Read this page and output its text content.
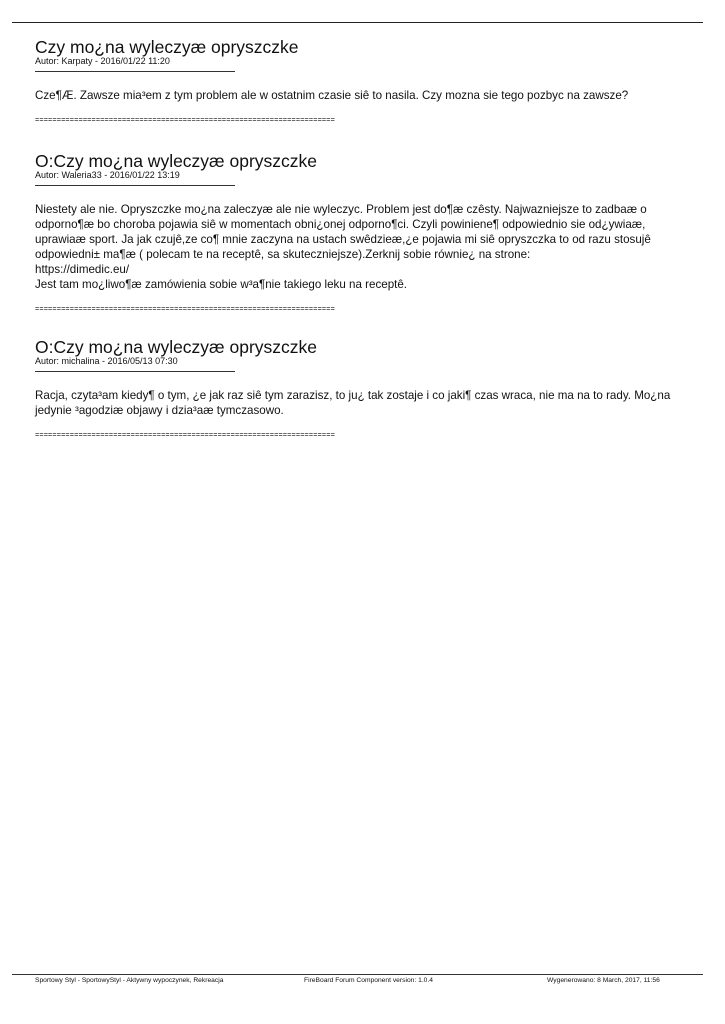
Czy mo¿na wyleczyæ opryszczke
Autor: Karpaty - 2016/01/22 11:20

Cze¶Æ. Zawsze mia³em z tym problem ale w ostatnim czasie siê to nasila. Czy mozna sie tego pozbyc na zawsze?

=====================================================================
O:Czy mo¿na wyleczyæ opryszczke
Autor: Waleria33 - 2016/01/22 13:19

Niestety ale nie. Opryszczke mo¿na zaleczyæ ale nie wyleczyc. Problem jest do¶æ czêsty. Najwazniejsze to zadbaæ o odporno¶æ bo choroba pojawia siê w momentach obni¿onej odporno¶ci. Czyli powiniene¶ odpowiednio sie od¿ywiaæ, uprawiaæ sport. Ja jak czujê,ze co¶ mnie zaczyna na ustach swêdzieæ,¿e pojawia mi siê opryszczka to od razu stosujê odpowiedni± ma¶æ ( polecam te na receptê, sa skuteczniejsze).Zerknij sobie równie¿ na strone:

https://dimedic.eu/

Jest tam mo¿liwo¶æ zamówienia sobie w³a¶nie takiego leku na receptê.

=====================================================================
O:Czy mo¿na wyleczyæ opryszczke
Autor: michalina - 2016/05/13 07:30

Racja, czyta³am kiedy¶ o tym, ¿e jak raz siê tym zarazisz, to ju¿ tak zostaje i co jaki¶ czas wraca, nie ma na to rady. Mo¿na jedynie ³agodziæ objawy i dzia³aæ tymczasowo.

=====================================================================
Sportowy Styl - SportowyStyl - Aktywny wypoczynek, Rekreacja	FireBoard Forum Component version: 1.0.4	Wygenerowano: 8 March, 2017, 11:56
